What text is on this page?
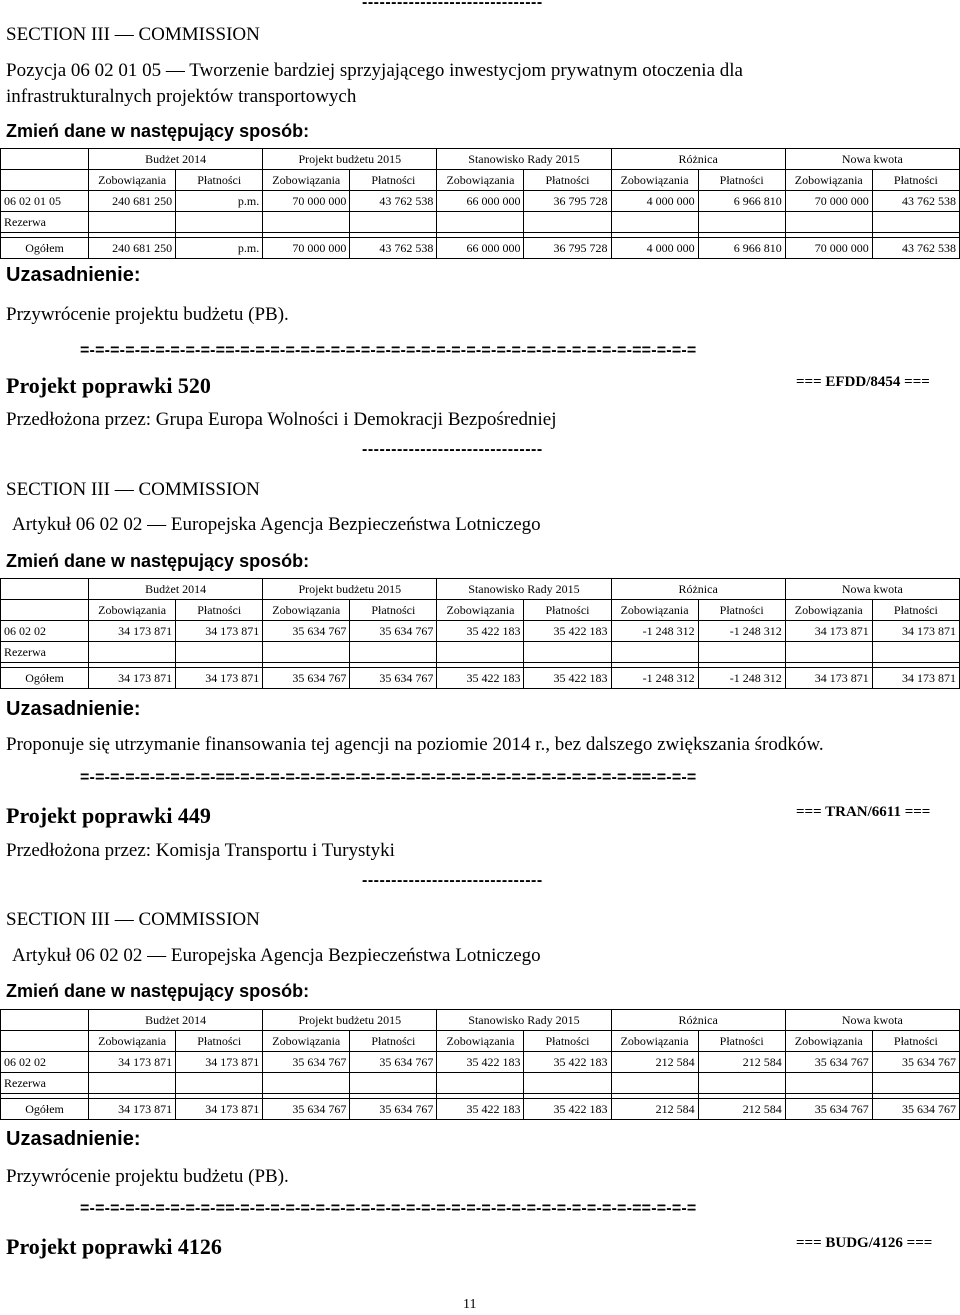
-------------------------------
SECTION III — COMMISSION
Pozycja 06 02 01 05 — Tworzenie bardziej sprzyjającego inwestycjom prywatnym otoczenia dla
infrastrukturalnych projektów transportowych
Zmień dane w następujący sposób:
	Budżet 2014		Projekt budżetu 2015		Stanowisko Rady 2015		Różnica		Nowa kwota	
	Zobowiązania	Płatności	Zobowiązania	Płatności	Zobowiązania	Płatności	Zobowiązania	Płatności	Zobowiązania	Płatności
06 02 01 05	240 681 250	p.m.	70 000 000	43 762 538	66 000 000	36 795 728	4 000 000	6 966 810	70 000 000	43 762 538
Rezerwa										

Ogółem	240 681 250	p.m.	70 000 000	43 762 538	66 000 000	36 795 728	4 000 000	6 966 810	70 000 000	43 762 538
Uzasadnienie:
Przywrócenie projektu budżetu (PB).
=-=-=-=-=-=-=-=-=-==-=-=-=-=-=-=-=-=-=-=-=-=-=-=-=-=-=-=-=-=-=-=-=-=-=-=-==-=-=-=
Projekt poprawki 520	=== EFDD/8454 ===
Przedłożona przez: Grupa Europa Wolności i Demokracji Bezpośredniej
-------------------------------
SECTION III — COMMISSION
Artykuł 06 02 02 — Europejska Agencja Bezpieczeństwa Lotniczego
Zmień dane w następujący sposób:
	Budżet 2014		Projekt budżetu 2015		Stanowisko Rady 2015		Różnica		Nowa kwota	
	Zobowiązania	Płatności	Zobowiązania	Płatności	Zobowiązania	Płatności	Zobowiązania	Płatności	Zobowiązania	Płatności
06 02 02	34 173 871	34 173 871	35 634 767	35 634 767	35 422 183	35 422 183	-1 248 312	-1 248 312	34 173 871	34 173 871
Rezerwa										

Ogółem	34 173 871	34 173 871	35 634 767	35 634 767	35 422 183	35 422 183	-1 248 312	-1 248 312	34 173 871	34 173 871
Uzasadnienie:
Proponuje się utrzymanie finansowania tej agencji na poziomie 2014 r., bez dalszego zwiększania środków.
=-=-=-=-=-=-=-=-=-==-=-=-=-=-=-=-=-=-=-=-=-=-=-=-=-=-=-=-=-=-=-=-=-=-=-=-==-=-=-=
Projekt poprawki 449	=== TRAN/6611 ===
Przedłożona przez: Komisja Transportu i Turystyki
-------------------------------
SECTION III — COMMISSION
Artykuł 06 02 02 — Europejska Agencja Bezpieczeństwa Lotniczego
Zmień dane w następujący sposób:
	Budżet 2014		Projekt budżetu 2015		Stanowisko Rady 2015		Różnica		Nowa kwota	
	Zobowiązania	Płatności	Zobowiązania	Płatności	Zobowiązania	Płatności	Zobowiązania	Płatności	Zobowiązania	Płatności
06 02 02	34 173 871	34 173 871	35 634 767	35 634 767	35 422 183	35 422 183	212 584	212 584	35 634 767	35 634 767
Rezerwa										

Ogółem	34 173 871	34 173 871	35 634 767	35 634 767	35 422 183	35 422 183	212 584	212 584	35 634 767	35 634 767
Uzasadnienie:
Przywrócenie projektu budżetu (PB).
=-=-=-=-=-=-=-=-=-==-=-=-=-=-=-=-=-=-=-=-=-=-=-=-=-=-=-=-=-=-=-=-=-=-=-=-==-=-=-=
Projekt poprawki 4126	=== BUDG/4126 ===
11
